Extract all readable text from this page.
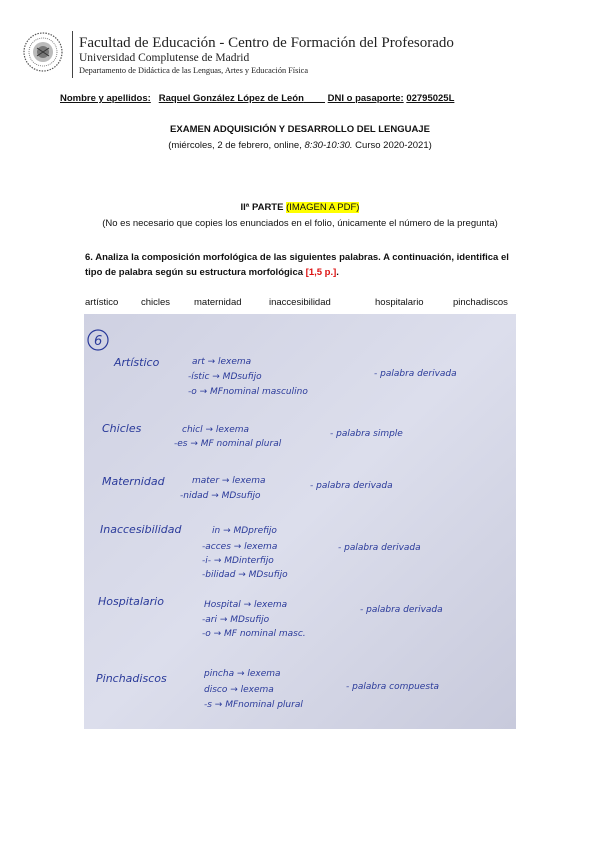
Facultad de Educación - Centro de Formación del Profesorado
Universidad Complutense de Madrid
Departamento de Didáctica de las Lenguas, Artes y Educación Física
Nombre y apellidos: Raquel González López de León	DNI o pasaporte: 02795025L
EXAMEN ADQUISICIÓN Y DESARROLLO DEL LENGUAJE
(miércoles, 2 de febrero, online, 8:30-10:30. Curso 2020-2021)
IIª PARTE (IMAGEN A PDF)
(No es necesario que copies los enunciados en el folio, únicamente el número de la pregunta)
6. Analiza la composición morfológica de las siguientes palabras. A continuación, identifica el tipo de palabra según su estructura morfológica [1,5 p.].
artístico chicles	maternidad	inaccesibilidad	hospitalario	pinchadiscos
6
Artístico	art → lexema
-ístic → MDsufijo
-o → MFnominal masculino
- palabra derivada
Chicles	chicl → lexema
-es → MF nominal plural
- palabra simple
Maternidad	mater → lexema
-nidad → MDsufijo
- palabra derivada
Inaccesibilidad	in → MDprefijo
-acces → lexema
-i- → MDinterfijo
-bilidad → MDsufijo
- palabra derivada
Hospitalario	Hospital → lexema
-ari → MDsufijo
-o → MF nominal masc.
- palabra derivada
Pinchadiscos	pincha → lexema
disco → lexema
-s → MFnominal plural
- palabra compuesta
